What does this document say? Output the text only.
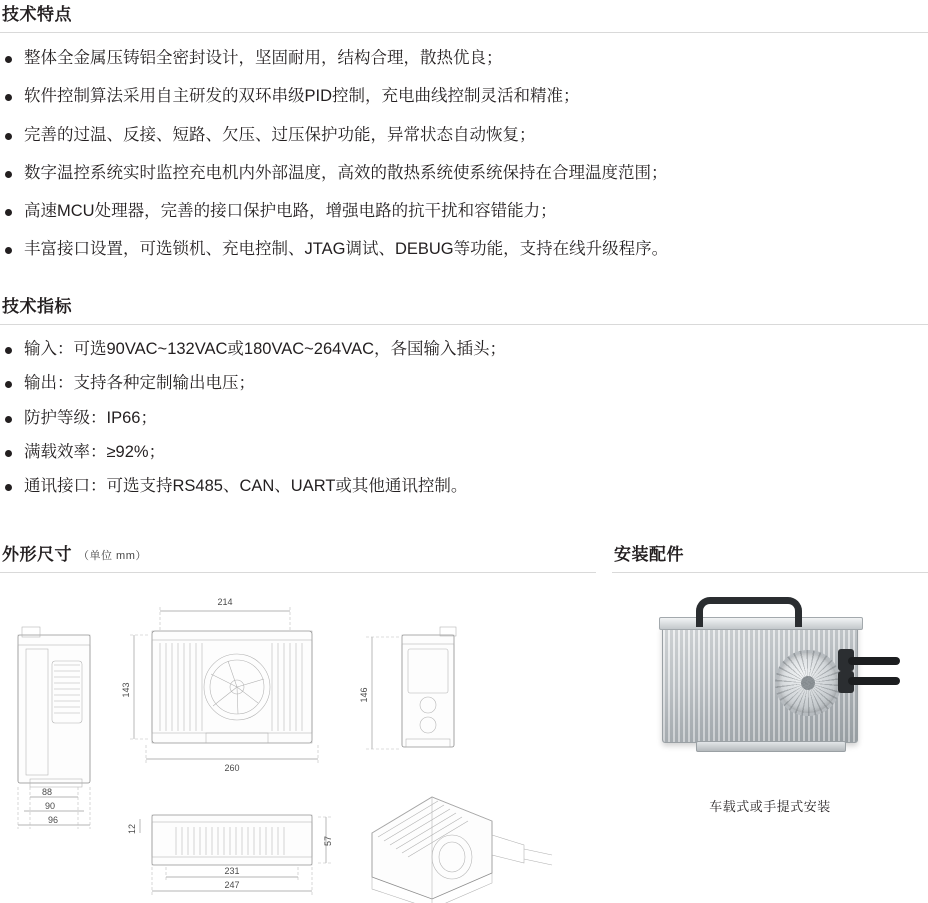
技术特点
整体全金属压铸铝全密封设计，坚固耐用，结构合理，散热优良；
软件控制算法采用自主研发的双环串级PID控制，充电曲线控制灵活和精准；
完善的过温、反接、短路、欠压、过压保护功能，异常状态自动恢复；
数字温控系统实时监控充电机内外部温度，高效的散热系统使系统保持在合理温度范围；
高速MCU处理器，完善的接口保护电路，增强电路的抗干扰和容错能力；
丰富接口设置，可选锁机、充电控制、JTAG调试、DEBUG等功能，支持在线升级程序。
技术指标
输入：可选90VAC~132VAC或180VAC~264VAC，各国输入插头；
输出：支持各种定制输出电压；
防护等级：IP66；
满载效率：≥92%；
通讯接口：可选支持RS485、CAN、UART或其他通讯控制。
外形尺寸 （单位 mm）
88
90
96
214
143
260
146
12
57
231
247
安装配件
车载式或手提式安装
